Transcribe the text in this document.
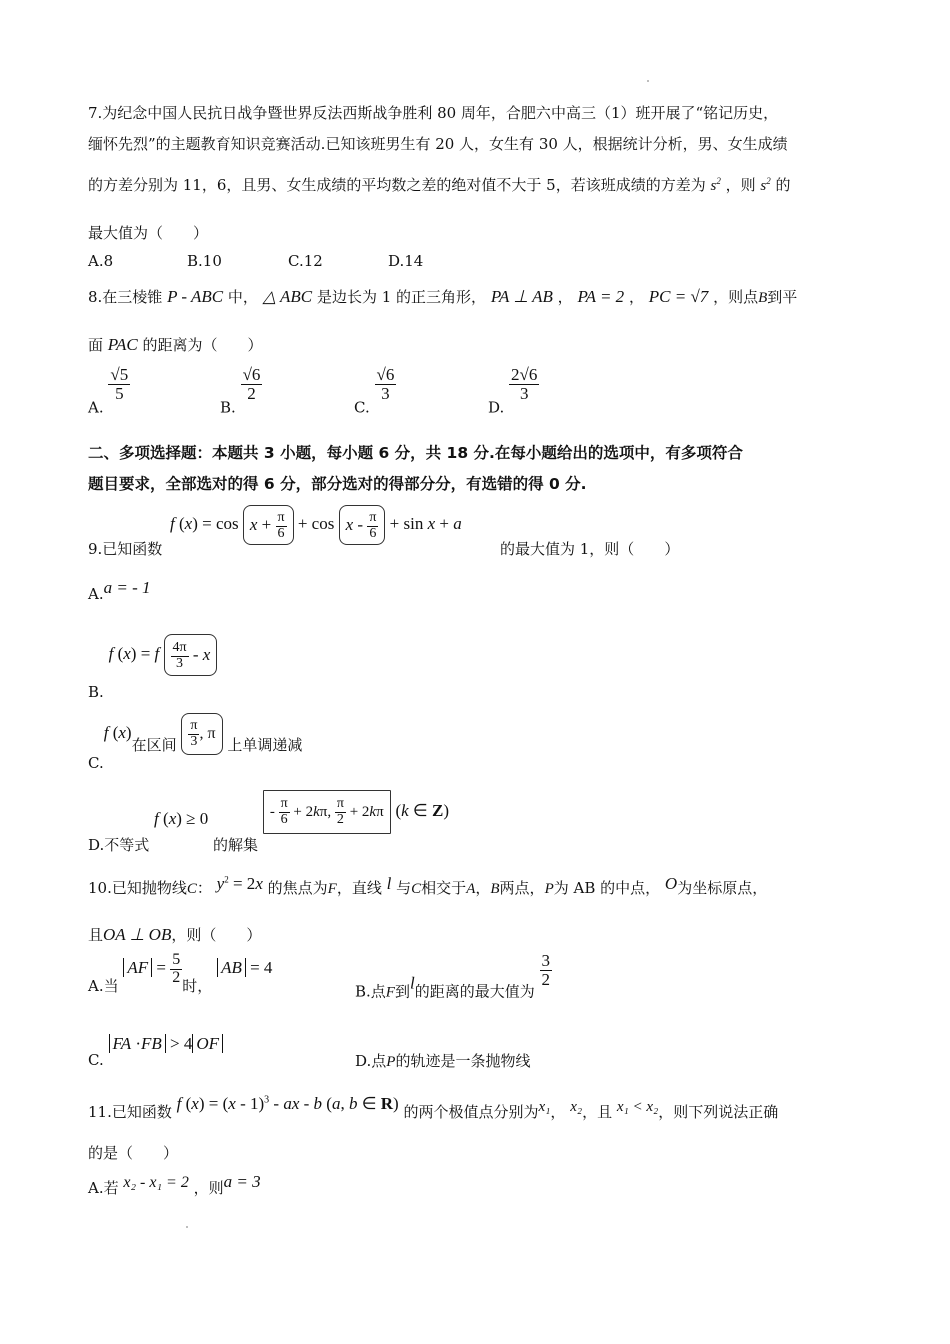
7.为纪念中国人民抗日战争暨世界反法西斯战争胜利 80 周年，合肥六中高三（1）班开展了“铭记历史，
缅怀先烈”的主题教育知识竞赛活动.已知该班男生有 20 人，女生有 30 人，根据统计分析，男、女生成绩
的方差分别为 11，6，且男、女生成绩的平均数之差的绝对值不大于 5，若该班成绩的方差为 $s^2$ ，则 $s^2$ 的
最大值为（　　）
A.8	B.10	C.12	D.14
8.在三棱锥 P - ABC 中， △ ABC 是边长为 1 的正三角形， PA ⊥ AB ， PA = 2 ， PC = √7 ，则点B到平
面 PAC 的距离为（　　）
A.
$\frac{√5}{5}$
B.
$\frac{√6}{2}$
C.
$\frac{√6}{3}$
D.
$\frac{2√6}{3}$
二、多项选择题：本题共 3 小题，每小题 6 分，共 18 分.在每小题给出的选项中，有多项符合
题目要求，全部选对的得 6 分，部分选对的得部分分，有选错的得 0 分.
9.已知函数
f $(x) = \cos x + \frac{\pi}{6} + \cos x - \frac{\pi}{6} + \sin x + a$
的最大值为 1，则（　　）
A.a = - 1
B. f (x) = f $\frac{4\pi}{3}$ - x
C.f (x)在区间 $\frac{\pi}{3}$ , π 上单调递减
D.不等式 f (x) ≥ 0 的解集 - $\frac{\pi}{6} + 2k\pi$, $\frac{\pi}{2} + 2k\pi$ (k ∈ Z)
10.已知抛物线C： $y^2 = 2x$ 的焦点为F，直线 l 与C相交于A，B两点，P为 AB 的中点， O为坐标原点，
且OA ⊥ OB，则（　　）
A.当 AF = $\frac{5}{2}$ 时， AB = 4
B.点F到l的距离的最大值为
$\frac{3}{2}$
C. FA ·FB > 4 OF
D.点P的轨迹是一条抛物线
11.已知函数 f (x) = (x - 1)$^3$ - ax - b (a, b ∈ R) 的两个极值点分别为x₁， x₂，且 x₁ < x₂，则下列说法正确
的是（　　）
A.若 x₂ - x₁ = 2 ，则a = 3
